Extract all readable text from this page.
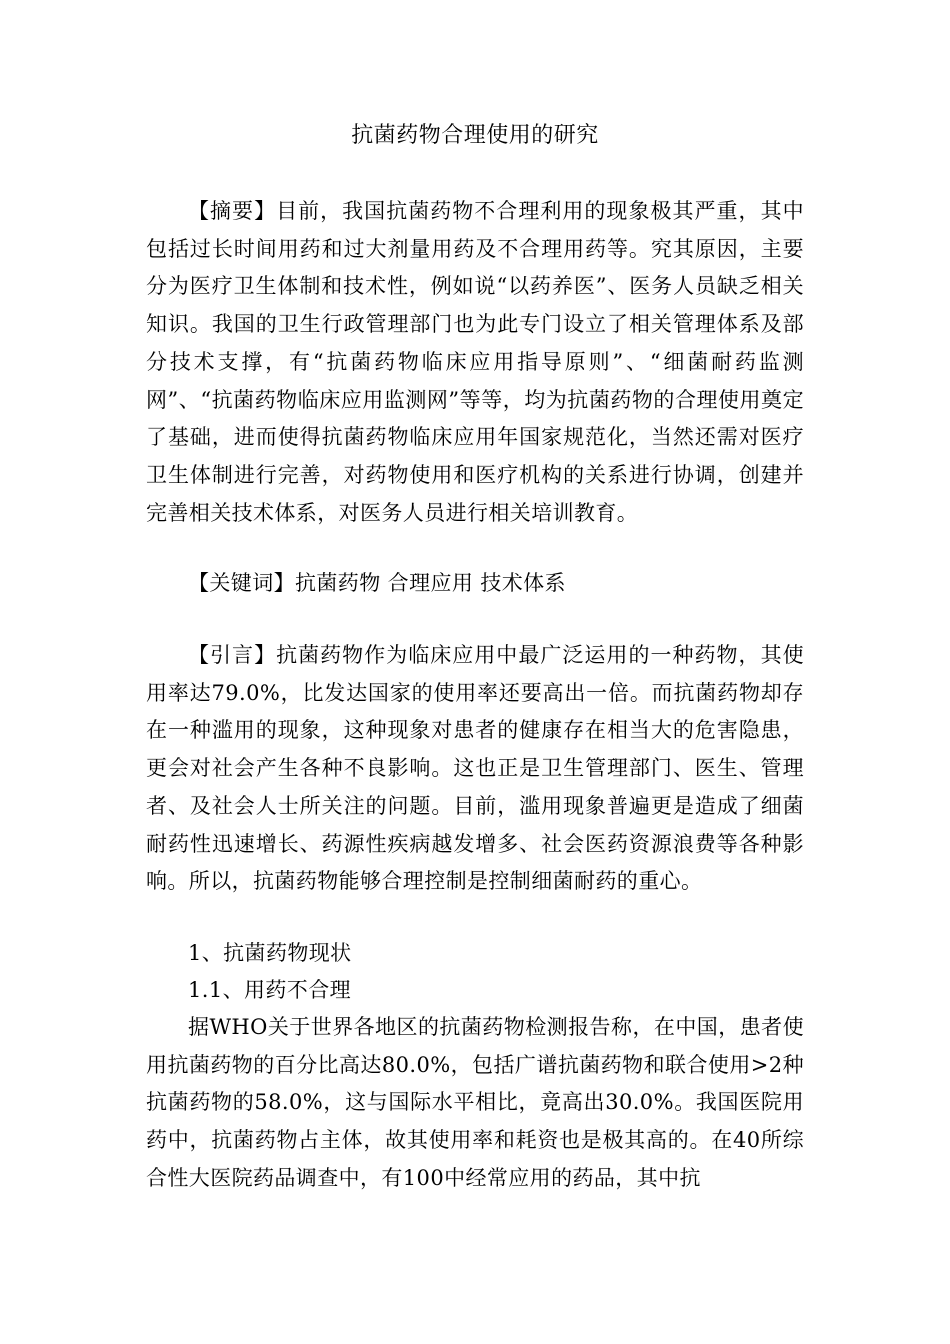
抗菌药物合理使用的研究
【摘要】目前，我国抗菌药物不合理利用的现象极其严重，其中包括过长时间用药和过大剂量用药及不合理用药等。究其原因，主要分为医疗卫生体制和技术性，例如说“以药养医”、医务人员缺乏相关知识。我国的卫生行政管理部门也为此专门设立了相关管理体系及部分技术支撑，有“抗菌药物临床应用指导原则”、“细菌耐药监测网”、“抗菌药物临床应用监测网”等等，均为抗菌药物的合理使用奠定了基础，进而使得抗菌药物临床应用年国家规范化，当然还需对医疗卫生体制进行完善，对药物使用和医疗机构的关系进行协调，创建并完善相关技术体系，对医务人员进行相关培训教育。
【关键词】抗菌药物 合理应用 技术体系
【引言】抗菌药物作为临床应用中最广泛运用的一种药物，其使用率达79.0%，比发达国家的使用率还要高出一倍。而抗菌药物却存在一种滥用的现象，这种现象对患者的健康存在相当大的危害隐患，更会对社会产生各种不良影响。这也正是卫生管理部门、医生、管理者、及社会人士所关注的问题。目前，滥用现象普遍更是造成了细菌耐药性迅速增长、药源性疾病越发增多、社会医药资源浪费等各种影响。所以，抗菌药物能够合理控制是控制细菌耐药的重心。
1、抗菌药物现状
1.1、用药不合理
据WHO关于世界各地区的抗菌药物检测报告称，在中国，患者使用抗菌药物的百分比高达80.0%，包括广谱抗菌药物和联合使用>2种抗菌药物的58.0%，这与国际水平相比，竟高出30.0%。我国医院用药中，抗菌药物占主体，故其使用率和耗资也是极其高的。在40所综合性大医院药品调查中，有100中经常应用的药品，其中抗
